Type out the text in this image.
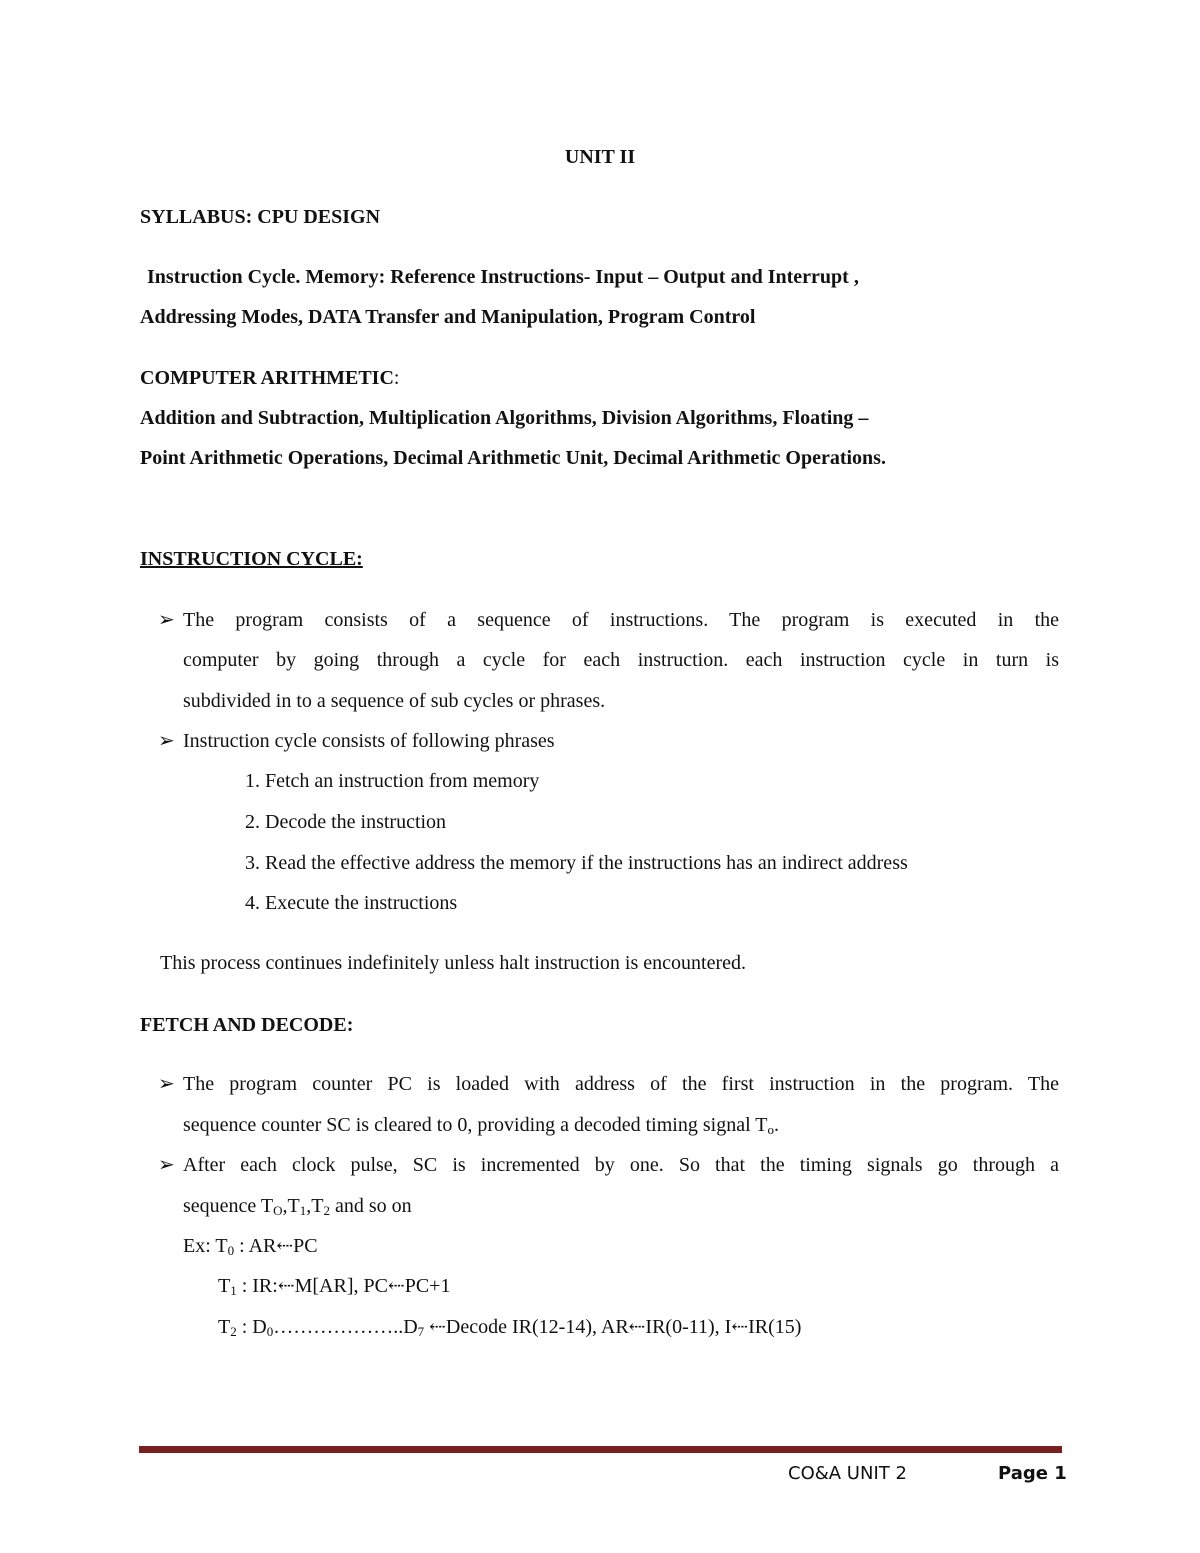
UNIT II
SYLLABUS: CPU DESIGN
Instruction Cycle. Memory: Reference Instructions- Input – Output and Interrupt ,
Addressing Modes, DATA Transfer and Manipulation, Program Control
COMPUTER ARITHMETIC:
Addition and Subtraction, Multiplication Algorithms, Division Algorithms, Floating –
Point Arithmetic Operations, Decimal Arithmetic Unit, Decimal Arithmetic Operations.
INSTRUCTION CYCLE:
➢ The program consists of a sequence of instructions. The program is executed in the
computer by going through a cycle for each instruction. each instruction cycle in turn is
subdivided in to a sequence of sub cycles or phrases.
➢ Instruction cycle consists of following phrases
1. Fetch an instruction from memory
2. Decode the instruction
3. Read the effective address the memory if the instructions has an indirect address
4. Execute the instructions
This process continues indefinitely unless halt instruction is encountered.
FETCH AND DECODE:
➢ The program counter PC is loaded with address of the first instruction in the program. The
sequence counter SC is cleared to 0, providing a decoded timing signal $T_o$.
➢ After each clock pulse, SC is incremented by one. So that the timing signals go through a
sequence $T_O,T_1,T_2$ and so on
Ex: $T_0$ : AR⇠PC
$T_1$ : IR:⇠M[AR], PC⇠PC+1
$T_2$ : $D_0\dots\dots\dots\dots\dots\dots..D_7$ ⇠Decode IR(12-14), AR⇠IR(0-11), I⇠IR(15)
CO&A UNIT 2	Page 1
